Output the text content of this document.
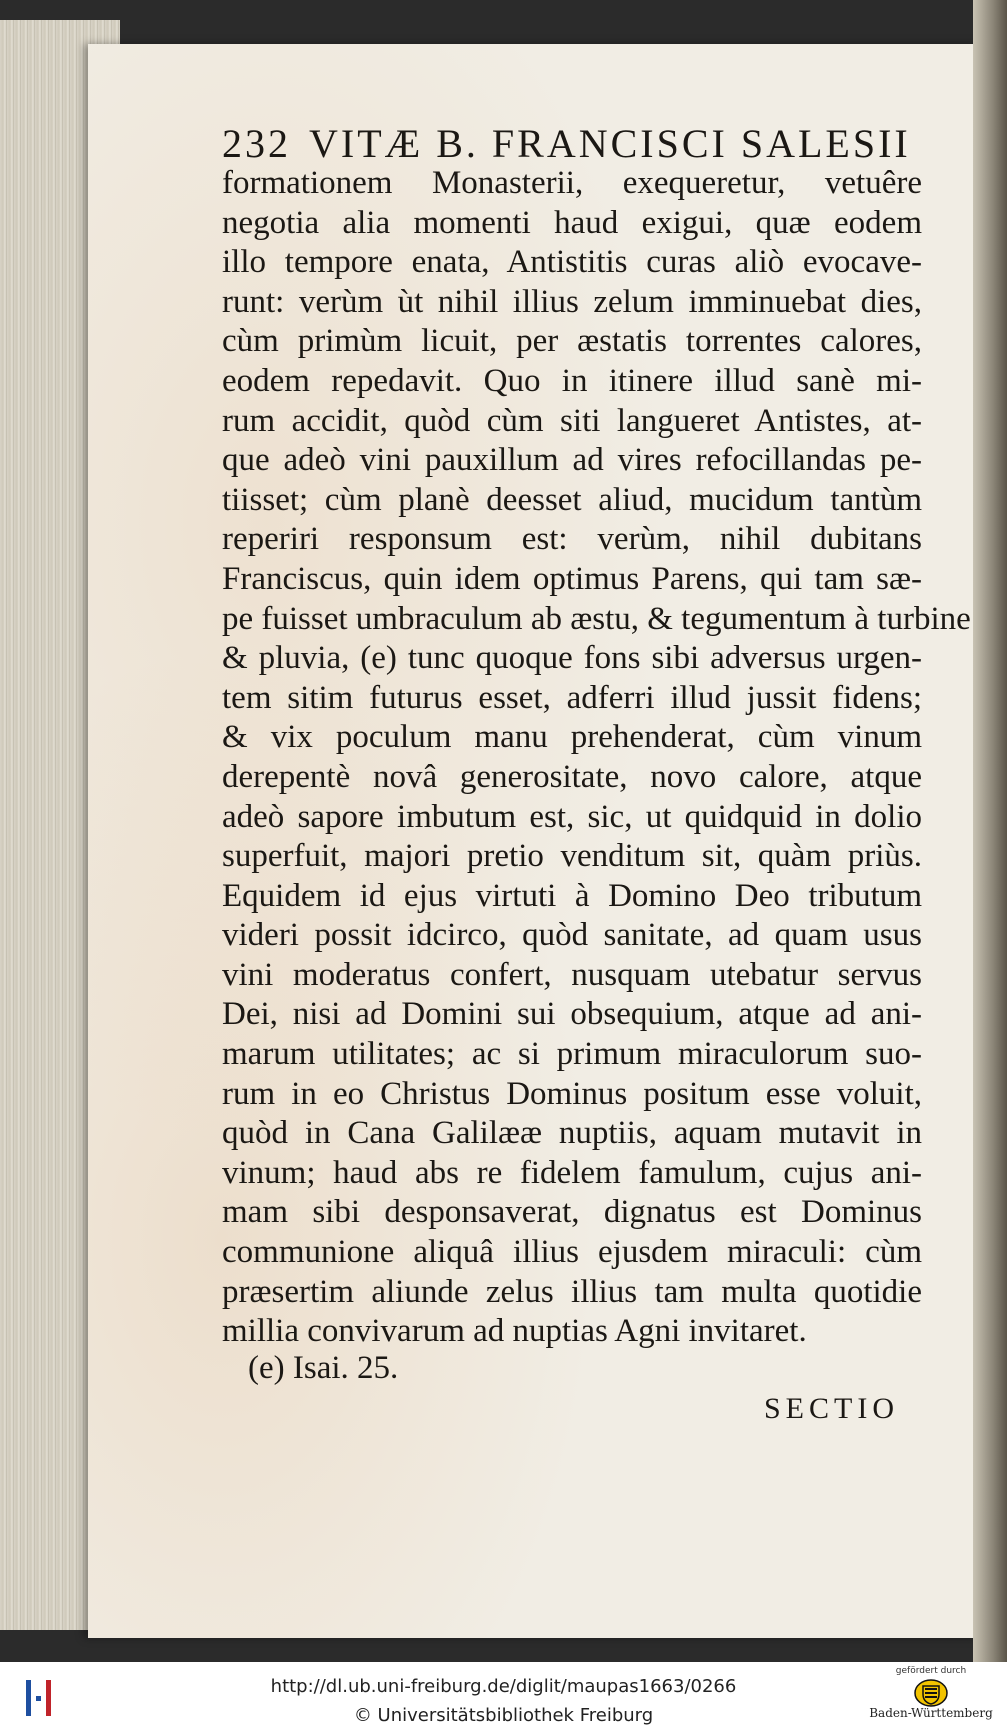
232 VITÆ B. FRANCISCI SALESII
formationem Monasterii, exequeretur, vetuêre
negotia alia momenti haud exigui, quæ eodem
illo tempore enata, Antistitis curas aliò evocave-
runt: verùm ùt nihil illius zelum imminuebat dies,
cùm primùm licuit, per æstatis torrentes calores,
eodem repedavit. Quo in itinere illud sanè mi-
rum accidit, quòd cùm siti langueret Antistes, at-
que adeò vini pauxillum ad vires refocillandas pe-
tiisset; cùm planè deesset aliud, mucidum tantùm
reperiri responsum est: verùm, nihil dubitans
Franciscus, quin idem optimus Parens, qui tam sæ-
pe fuisset umbraculum ab æstu, & tegumentum à turbine
& pluvia, (e) tunc quoque fons sibi adversus urgen-
tem sitim futurus esset, adferri illud jussit fidens;
& vix poculum manu prehenderat, cùm vinum
derepentè novâ generositate, novo calore, atque
adeò sapore imbutum est, sic, ut quidquid in dolio
superfuit, majori pretio venditum sit, quàm priùs.
Equidem id ejus virtuti à Domino Deo tributum
videri possit idcirco, quòd sanitate, ad quam usus
vini moderatus confert, nusquam utebatur servus
Dei, nisi ad Domini sui obsequium, atque ad ani-
marum utilitates; ac si primum miraculorum suo-
rum in eo Christus Dominus positum esse voluit,
quòd in Cana Galilææ nuptiis, aquam mutavit in
vinum; haud abs re fidelem famulum, cujus ani-
mam sibi desponsaverat, dignatus est Dominus
communione aliquâ illius ejusdem miraculi: cùm
præsertim aliunde zelus illius tam multa quotidie
millia convivarum ad nuptias Agni invitaret.
(e) Isai. 25.
SECTIO
http://dl.ub.uni-freiburg.de/diglit/maupas1663/0266
© Universitätsbibliothek Freiburg
gefördert durch
Baden-Württemberg
